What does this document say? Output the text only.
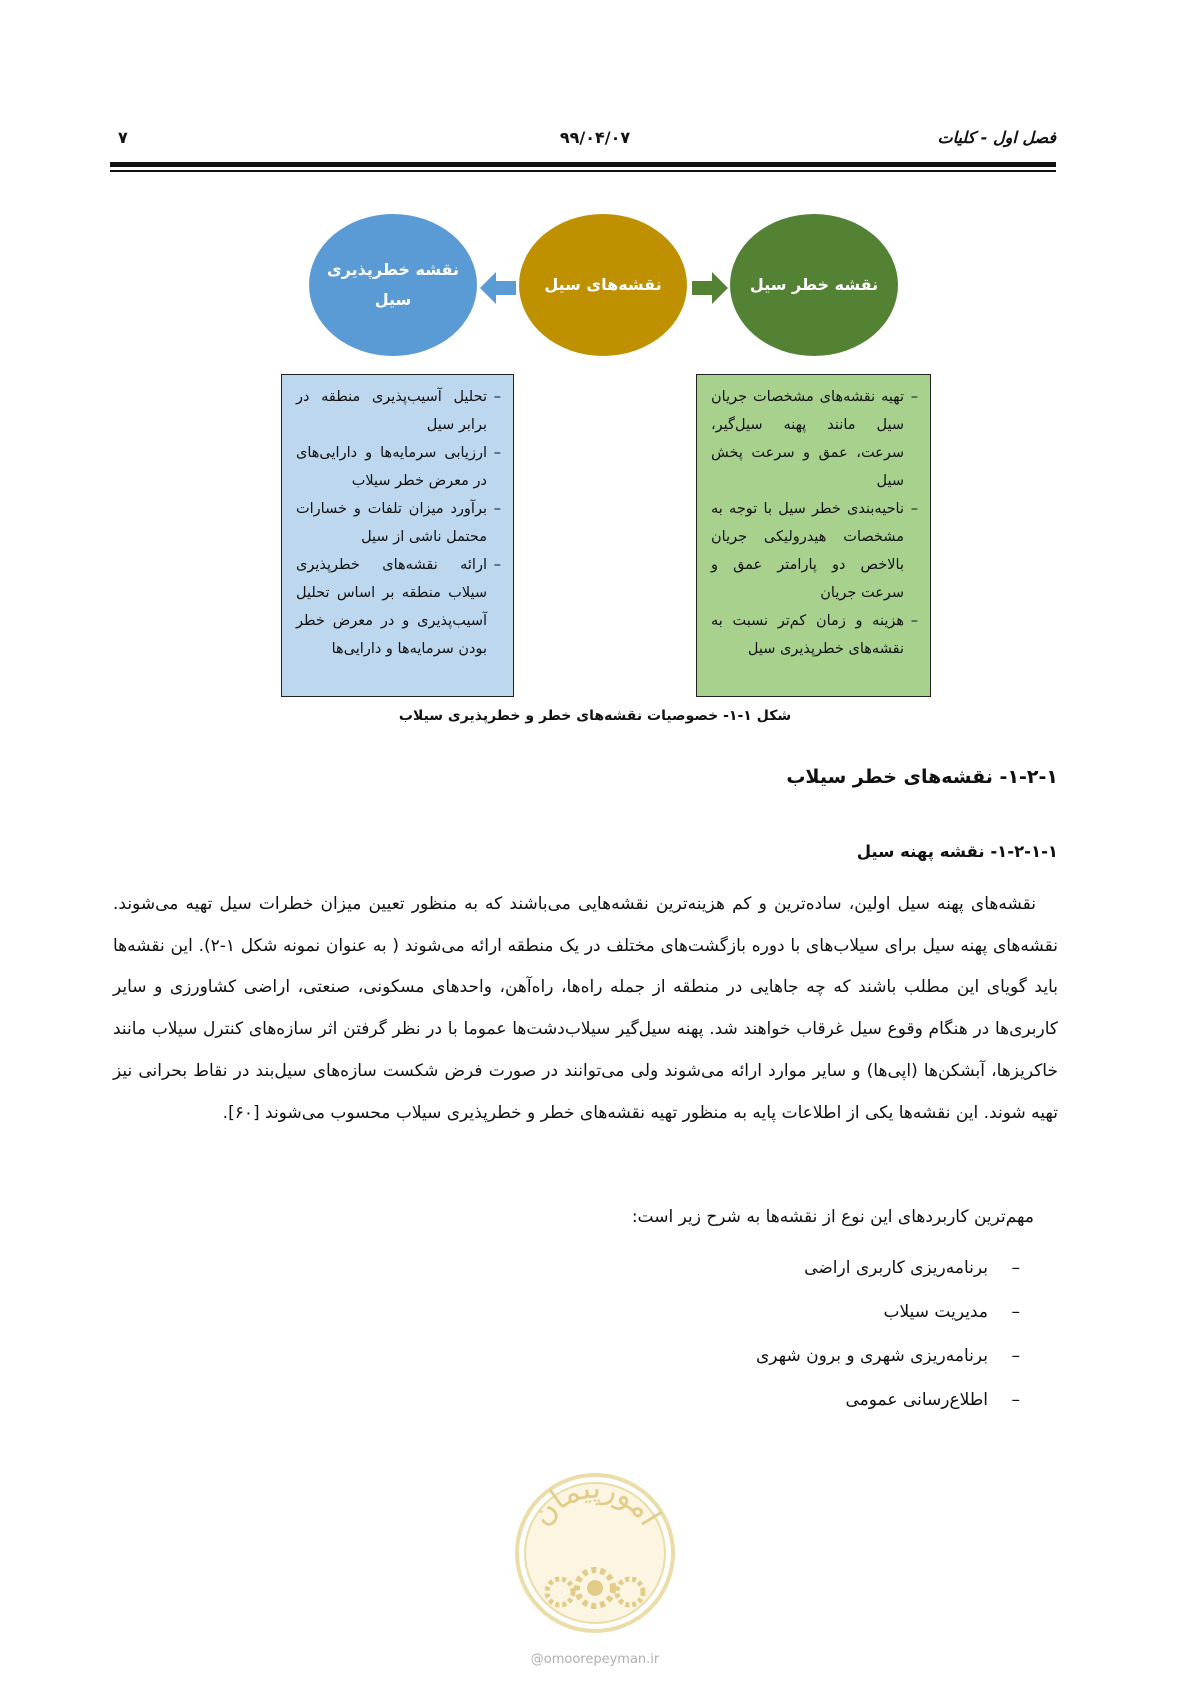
۷	۹۹/۰۴/۰۷	فصل اول - کلیات
نقشه خطرپذیری
سیل
نقشه‌های سیل	نقشه خطر سیل
– تحلیل آسیب‌پذیری منطقه در برابر سیل
– ارزیابی سرمایه‌ها و دارایی‌های در معرض خطر سیلاب
– برآورد میزان تلفات و خسارات محتمل ناشی از سیل
– ارائه نقشه‌های خطرپذیری سیلاب منطقه بر اساس تحلیل آسیب‌پذیری و در معرض خطر بودن سرمایه‌ها و دارایی‌ها
– تهیه نقشه‌های مشخصات جریان سیل مانند پهنه سیل‌گیر، سرعت، عمق و سرعت پخش سیل
– ناحیه‌بندی خطر سیل با توجه به مشخصات هیدرولیکی جریان بالاخص دو پارامتر عمق و سرعت جریان
– هزینه و زمان کم‌تر نسبت به نقشه‌های خطرپذیری سیل
شکل ۱-۱- خصوصیات نقشه‌های خطر و خطرپذیری سیلاب
۱-۲-۱- نقشه‌های خطر سیلاب
۱-۲-۱-۱- نقشه پهنه سیل
نقشه‌های پهنه سیل اولین، ساده‌ترین و کم هزینه‌ترین نقشه‌هایی می‌باشند که به منظور تعیین میزان خطرات سیل تهیه می‌شوند. نقشه‌های پهنه سیل برای سیلاب‌های با دوره بازگشت‌های مختلف در یک منطقه ارائه می‌شوند ( به عنوان نمونه شکل ۱-۲). این نقشه‌ها باید گویای این مطلب باشند که چه جاهایی در منطقه از جمله راه‌ها، راه‌آهن، واحدهای مسکونی، صنعتی، اراضی کشاورزی و سایر کاربری‌ها در هنگام وقوع سیل غرقاب خواهند شد. پهنه سیل‌گیر سیلاب‌دشت‌ها عموما با در نظر گرفتن اثر سازه‌های کنترل سیلاب مانند خاکریزها، آبشکن‌ها (اپی‌ها) و سایر موارد ارائه می‌شوند ولی می‌توانند در صورت فرض شکست سازه‌های سیل‌بند در نقاط بحرانی نیز تهیه شوند. این نقشه‌ها یکی از اطلاعات پایه به منظور تهیه نقشه‌های خطر و خطرپذیری سیلاب محسوب می‌شوند [۶۰].
مهم‌ترین کاربردهای این نوع از نقشه‌ها به شرح زیر است:
– برنامه‌ریزی کاربری اراضی
– مدیریت سیلاب
– برنامه‌ریزی شهری و برون شهری
– اطلاع‌رسانی عمومی
امورپیمان
@omoorepeyman.ir
